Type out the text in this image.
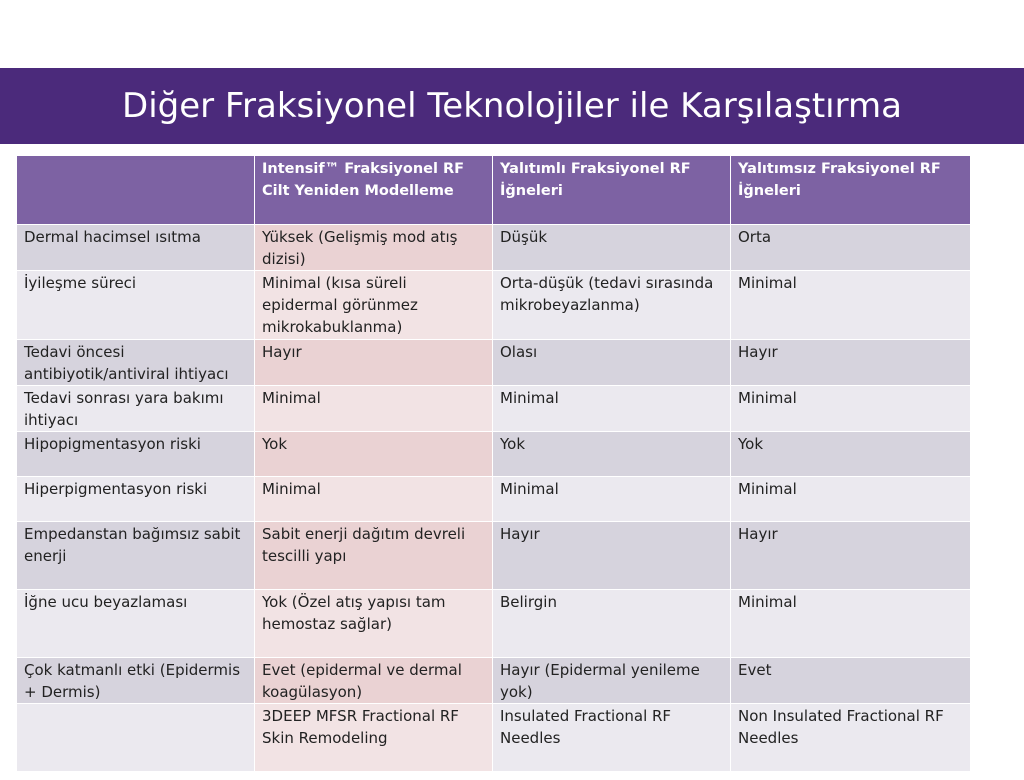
Diğer Fraksiyonel Teknolojiler ile Karşılaştırma
	Intensif™ Fraksiyonel RF Cilt Yeniden Modelleme	Yalıtımlı Fraksiyonel RF İğneleri	Yalıtımsız Fraksiyonel RF İğneleri
Dermal hacimsel ısıtma	Yüksek (Gelişmiş mod atış dizisi)	Düşük	Orta
İyileşme süreci	Minimal (kısa süreli epidermal görünmez mikrokabuklanma)	Orta-düşük (tedavi sırasında mikrobeyazlanma)	Minimal
Tedavi öncesi antibiyotik/antiviral ihtiyacı	Hayır	Olası	Hayır
Tedavi sonrası yara bakımı ihtiyacı	Minimal	Minimal	Minimal
Hipopigmentasyon riski	Yok	Yok	Yok
Hiperpigmentasyon riski	Minimal	Minimal	Minimal
Empedanstan bağımsız sabit enerji	Sabit enerji dağıtım devreli tescilli yapı	Hayır	Hayır
İğne ucu beyazlaması	Yok (Özel atış yapısı tam hemostaz sağlar)	Belirgin	Minimal
Çok katmanlı etki (Epidermis + Dermis)	Evet (epidermal ve dermal koagülasyon)	Hayır (Epidermal yenileme yok)	Evet
	3DEEP MFSR Fractional RF Skin Remodeling	Insulated Fractional RF Needles	Non Insulated Fractional RF Needles
